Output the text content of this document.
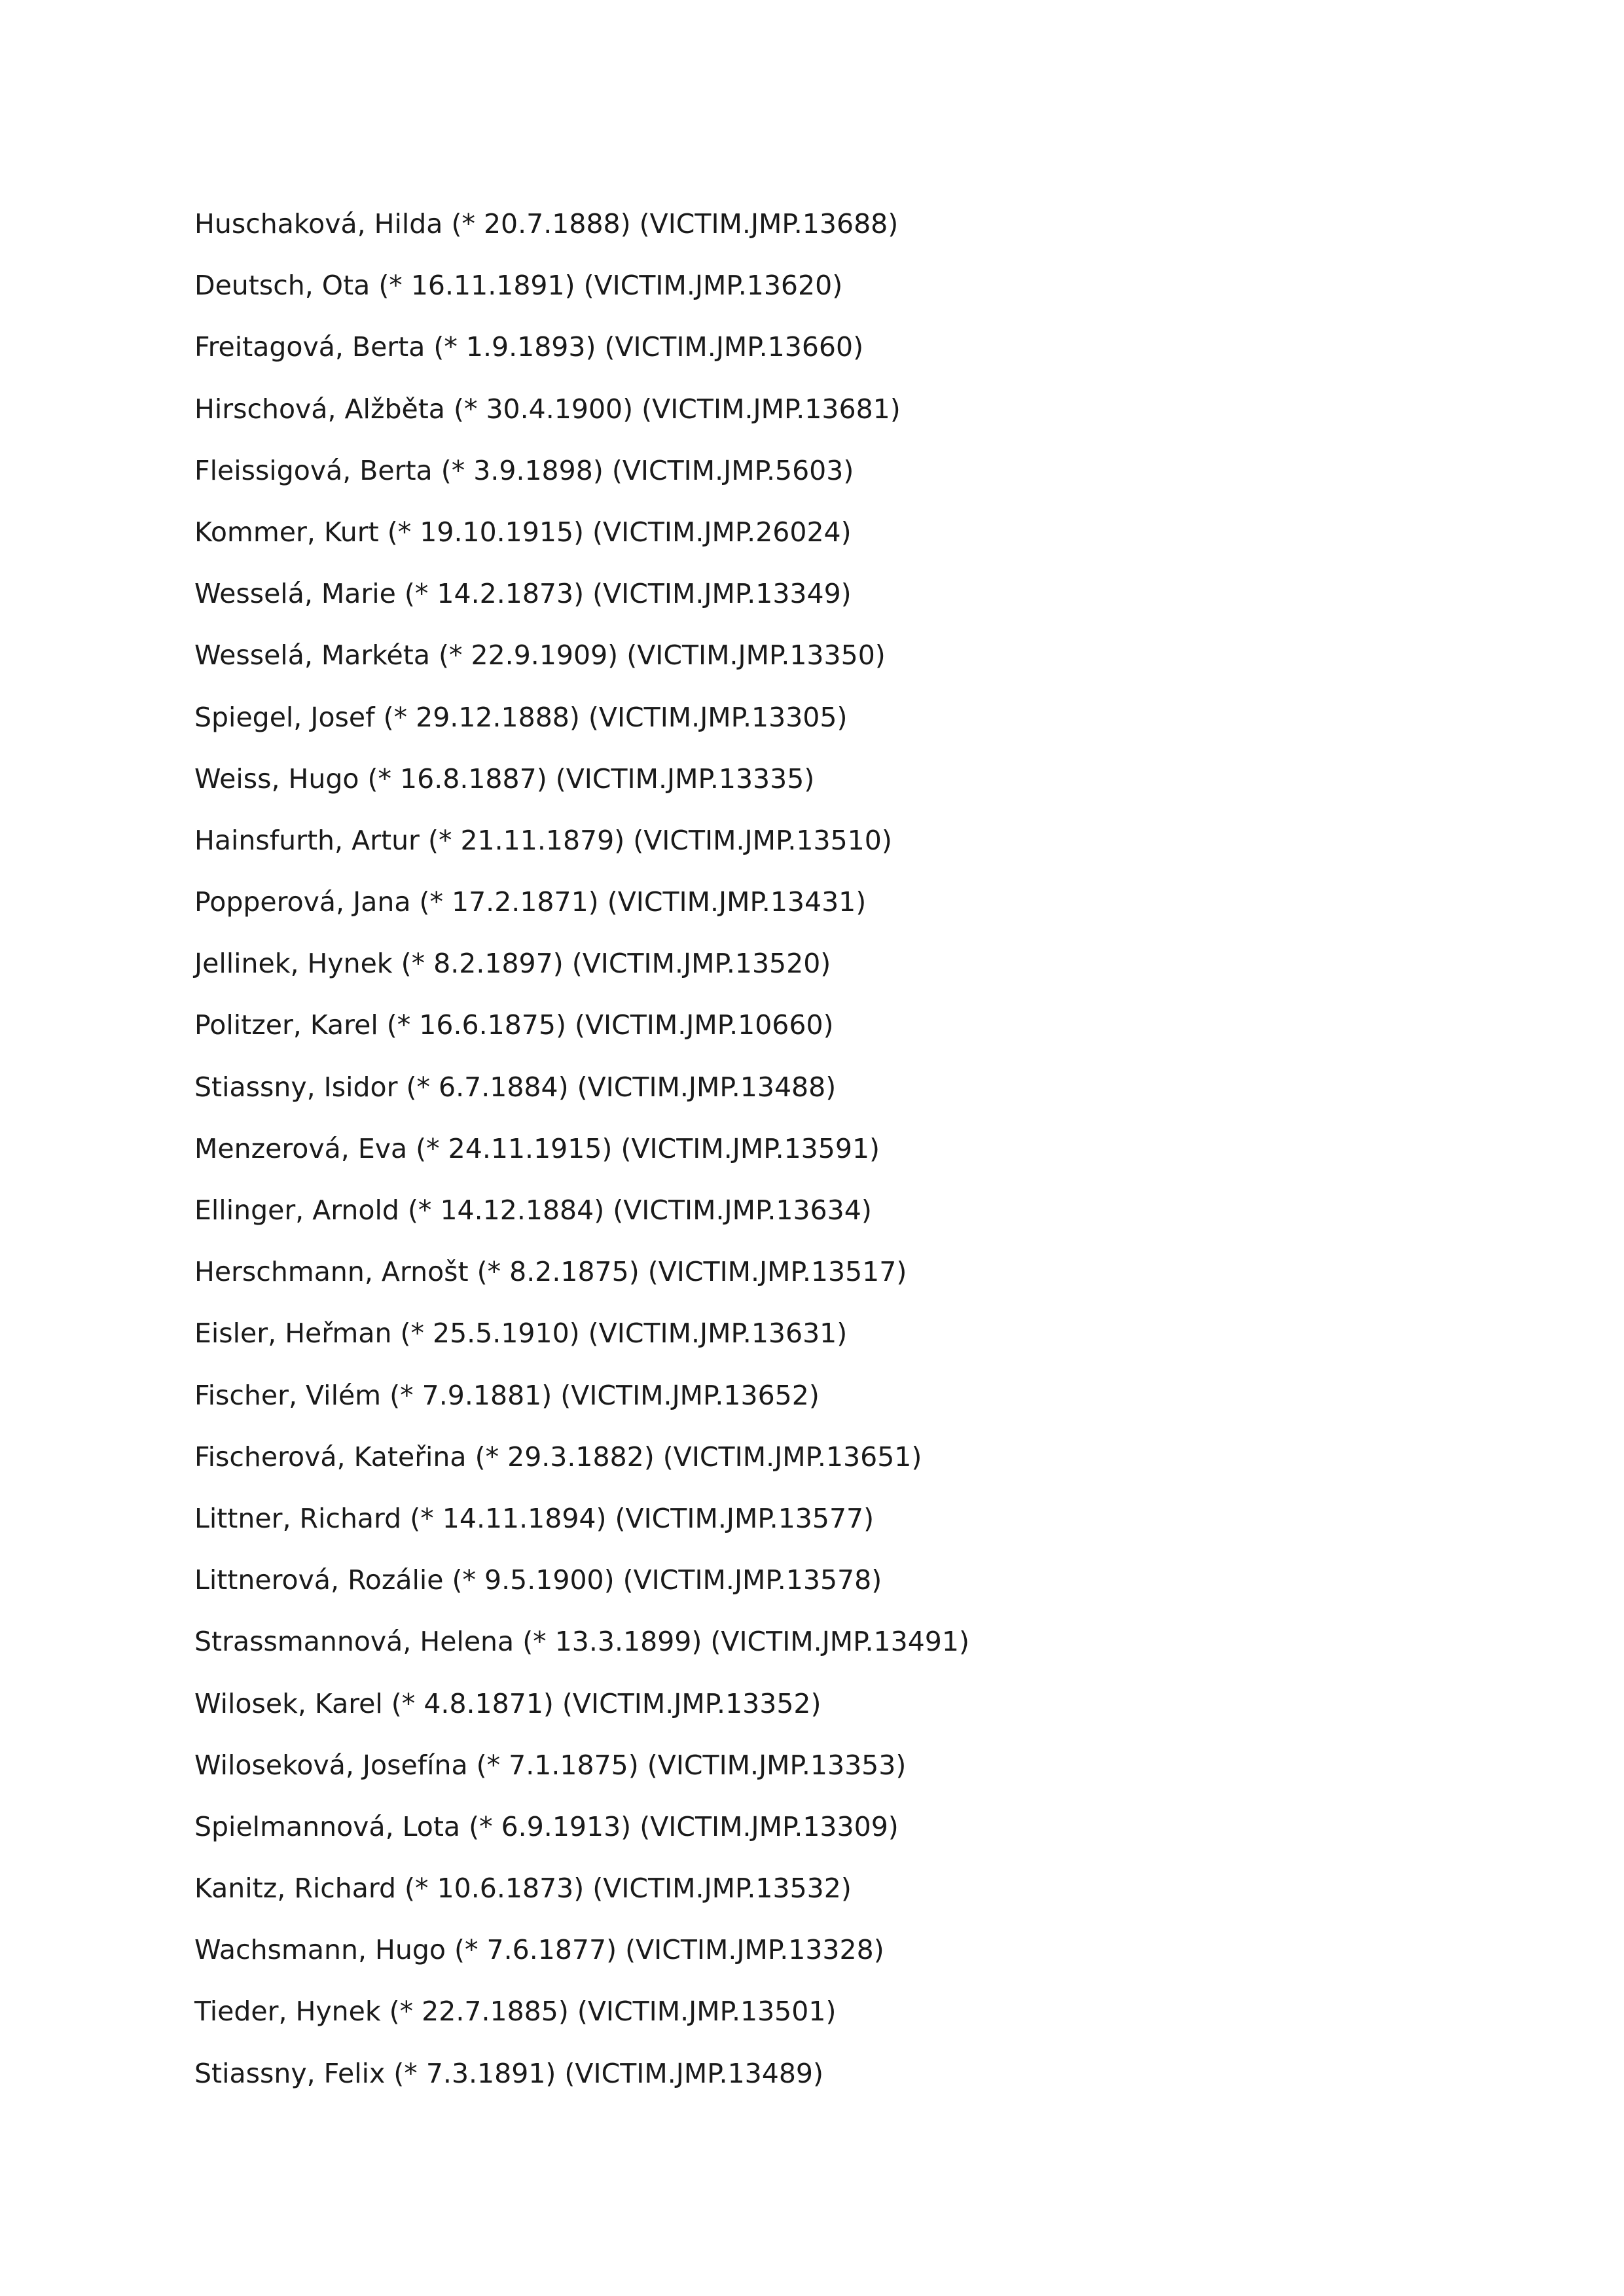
Huschaková, Hilda (* 20.7.1888) (VICTIM.JMP.13688)
Deutsch, Ota (* 16.11.1891) (VICTIM.JMP.13620)
Freitagová, Berta (* 1.9.1893) (VICTIM.JMP.13660)
Hirschová, Alžběta (* 30.4.1900) (VICTIM.JMP.13681)
Fleissigová, Berta (* 3.9.1898) (VICTIM.JMP.5603)
Kommer, Kurt (* 19.10.1915) (VICTIM.JMP.26024)
Wesselá, Marie (* 14.2.1873) (VICTIM.JMP.13349)
Wesselá, Markéta (* 22.9.1909) (VICTIM.JMP.13350)
Spiegel, Josef (* 29.12.1888) (VICTIM.JMP.13305)
Weiss, Hugo (* 16.8.1887) (VICTIM.JMP.13335)
Hainsfurth, Artur (* 21.11.1879) (VICTIM.JMP.13510)
Popperová, Jana (* 17.2.1871) (VICTIM.JMP.13431)
Jellinek, Hynek (* 8.2.1897) (VICTIM.JMP.13520)
Politzer, Karel (* 16.6.1875) (VICTIM.JMP.10660)
Stiassny, Isidor (* 6.7.1884) (VICTIM.JMP.13488)
Menzerová, Eva (* 24.11.1915) (VICTIM.JMP.13591)
Ellinger, Arnold (* 14.12.1884) (VICTIM.JMP.13634)
Herschmann, Arnošt (* 8.2.1875) (VICTIM.JMP.13517)
Eisler, Heřman (* 25.5.1910) (VICTIM.JMP.13631)
Fischer, Vilém (* 7.9.1881) (VICTIM.JMP.13652)
Fischerová, Kateřina (* 29.3.1882) (VICTIM.JMP.13651)
Littner, Richard (* 14.11.1894) (VICTIM.JMP.13577)
Littnerová, Rozálie (* 9.5.1900) (VICTIM.JMP.13578)
Strassmannová, Helena (* 13.3.1899) (VICTIM.JMP.13491)
Wilosek, Karel (* 4.8.1871) (VICTIM.JMP.13352)
Wiloseková, Josefína (* 7.1.1875) (VICTIM.JMP.13353)
Spielmannová, Lota (* 6.9.1913) (VICTIM.JMP.13309)
Kanitz, Richard (* 10.6.1873) (VICTIM.JMP.13532)
Wachsmann, Hugo (* 7.6.1877) (VICTIM.JMP.13328)
Tieder, Hynek (* 22.7.1885) (VICTIM.JMP.13501)
Stiassny, Felix (* 7.3.1891) (VICTIM.JMP.13489)
